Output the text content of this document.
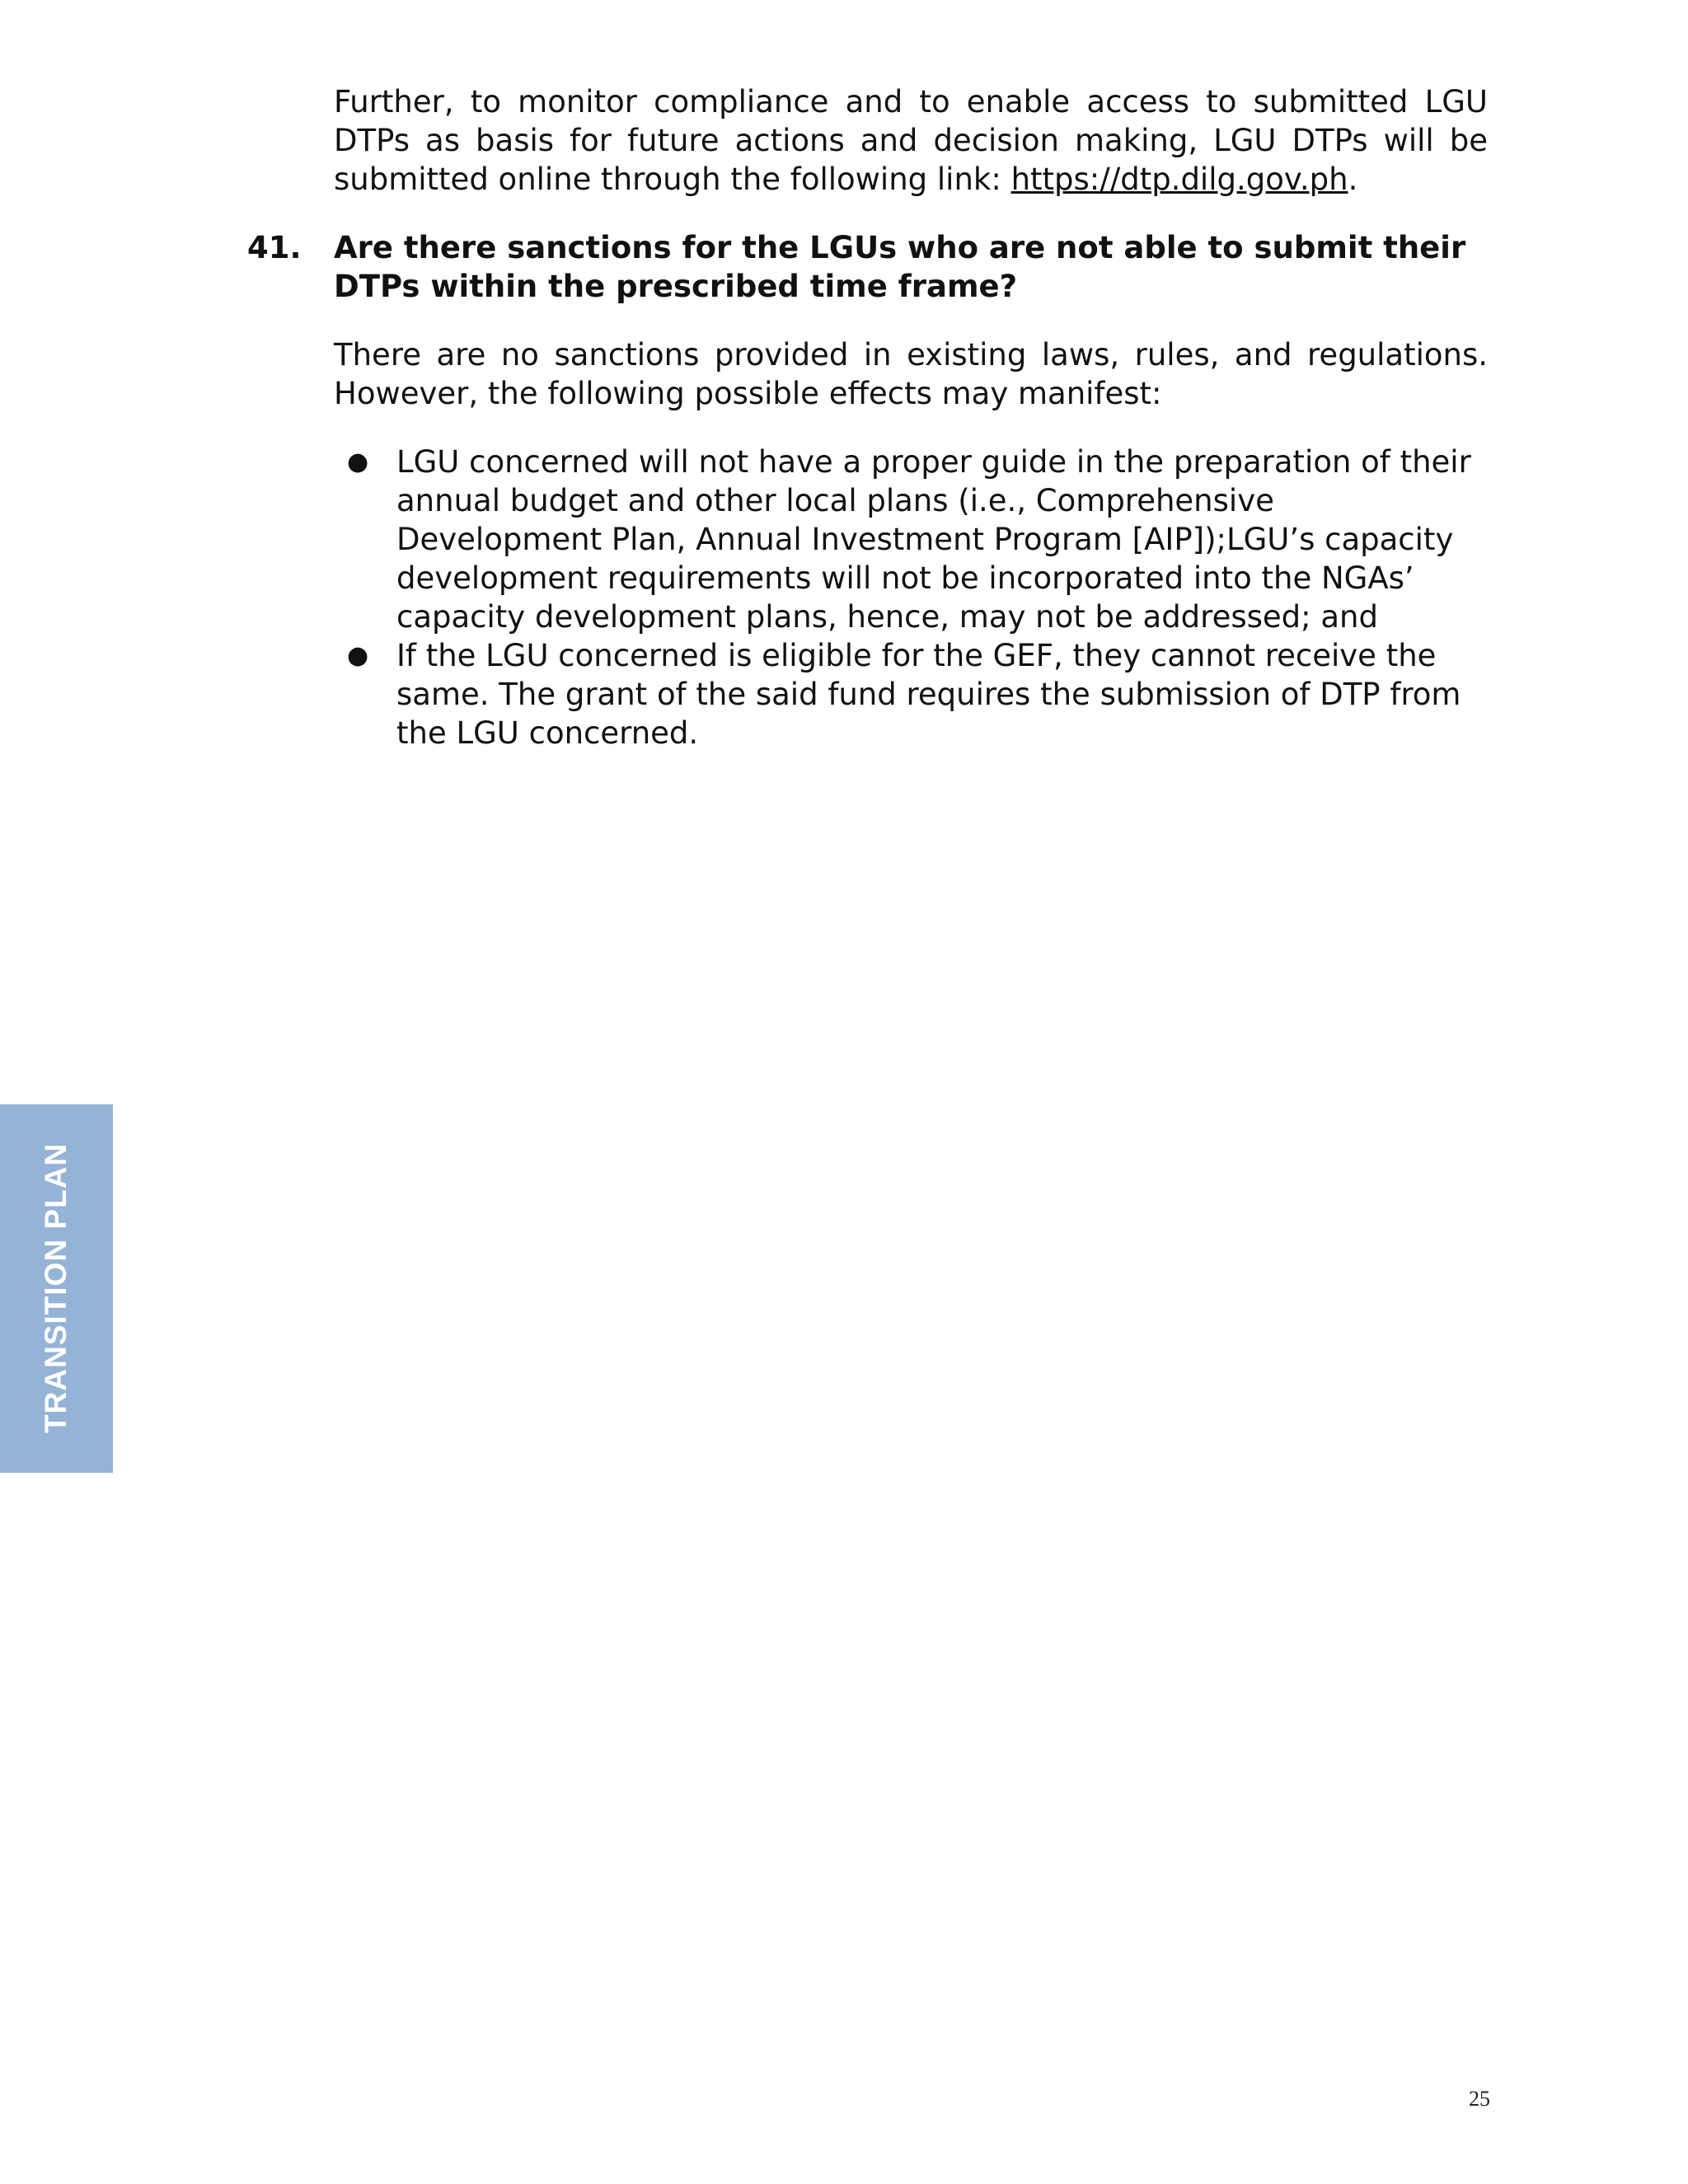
Further, to monitor compliance and to enable access to submitted LGU DTPs as basis for future actions and decision making, LGU DTPs will be submitted online through the following link: https://dtp.dilg.gov.ph.

41. Are there sanctions for the LGUs who are not able to submit their DTPs within the prescribed time frame?

There are no sanctions provided in existing laws, rules, and regulations. However, the following possible effects may manifest:

● LGU concerned will not have a proper guide in the preparation of their annual budget and other local plans (i.e., Comprehensive Development Plan, Annual Investment Program [AIP]);LGU’s capacity development requirements will not be incorporated into the NGAs’ capacity development plans, hence, may not be addressed; and
● If the LGU concerned is eligible for the GEF, they cannot receive the same. The grant of the said fund requires the submission of DTP from the LGU concerned.
TRANSITION PLAN
25
